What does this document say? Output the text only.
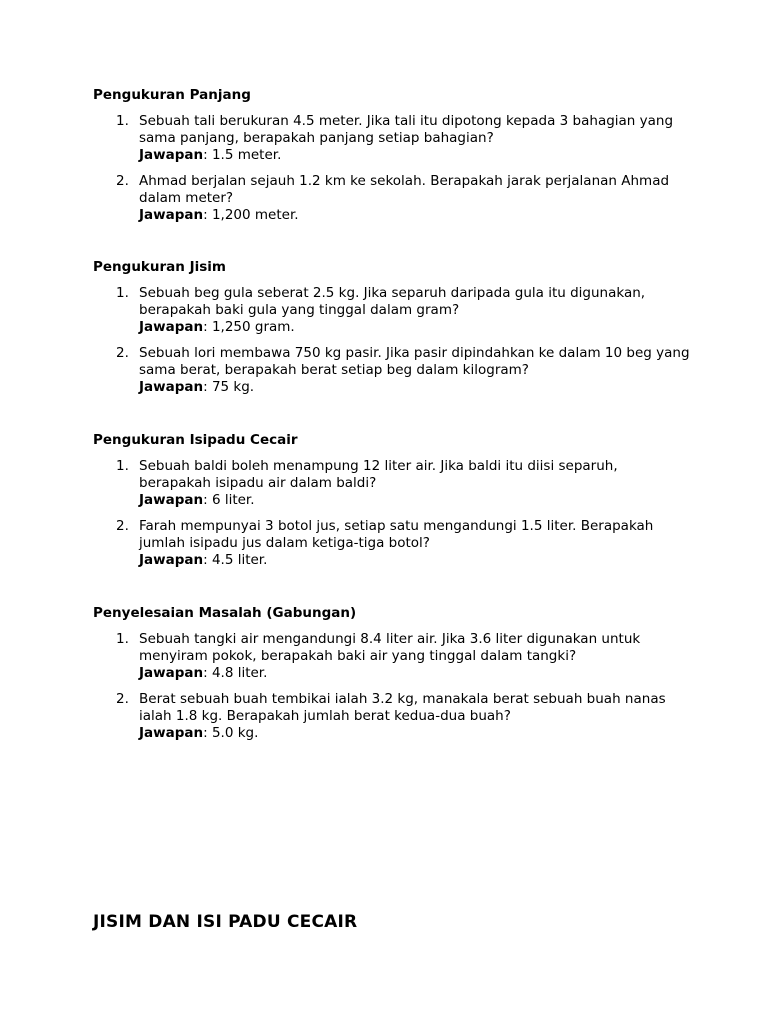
Pengukuran Panjang
1. Sebuah tali berukuran 4.5 meter. Jika tali itu dipotong kepada 3 bahagian yang sama panjang, berapakah panjang setiap bahagian?
Jawapan: 1.5 meter.
2. Ahmad berjalan sejauh 1.2 km ke sekolah. Berapakah jarak perjalanan Ahmad dalam meter?
Jawapan: 1,200 meter.
Pengukuran Jisim
1. Sebuah beg gula seberat 2.5 kg. Jika separuh daripada gula itu digunakan, berapakah baki gula yang tinggal dalam gram?
Jawapan: 1,250 gram.
2. Sebuah lori membawa 750 kg pasir. Jika pasir dipindahkan ke dalam 10 beg yang sama berat, berapakah berat setiap beg dalam kilogram?
Jawapan: 75 kg.
Pengukuran Isipadu Cecair
1. Sebuah baldi boleh menampung 12 liter air. Jika baldi itu diisi separuh, berapakah isipadu air dalam baldi?
Jawapan: 6 liter.
2. Farah mempunyai 3 botol jus, setiap satu mengandungi 1.5 liter. Berapakah jumlah isipadu jus dalam ketiga-tiga botol?
Jawapan: 4.5 liter.
Penyelesaian Masalah (Gabungan)
1. Sebuah tangki air mengandungi 8.4 liter air. Jika 3.6 liter digunakan untuk menyiram pokok, berapakah baki air yang tinggal dalam tangki?
Jawapan: 4.8 liter.
2. Berat sebuah buah tembikai ialah 3.2 kg, manakala berat sebuah buah nanas ialah 1.8 kg. Berapakah jumlah berat kedua-dua buah?
Jawapan: 5.0 kg.
JISIM DAN ISI PADU CECAIR
